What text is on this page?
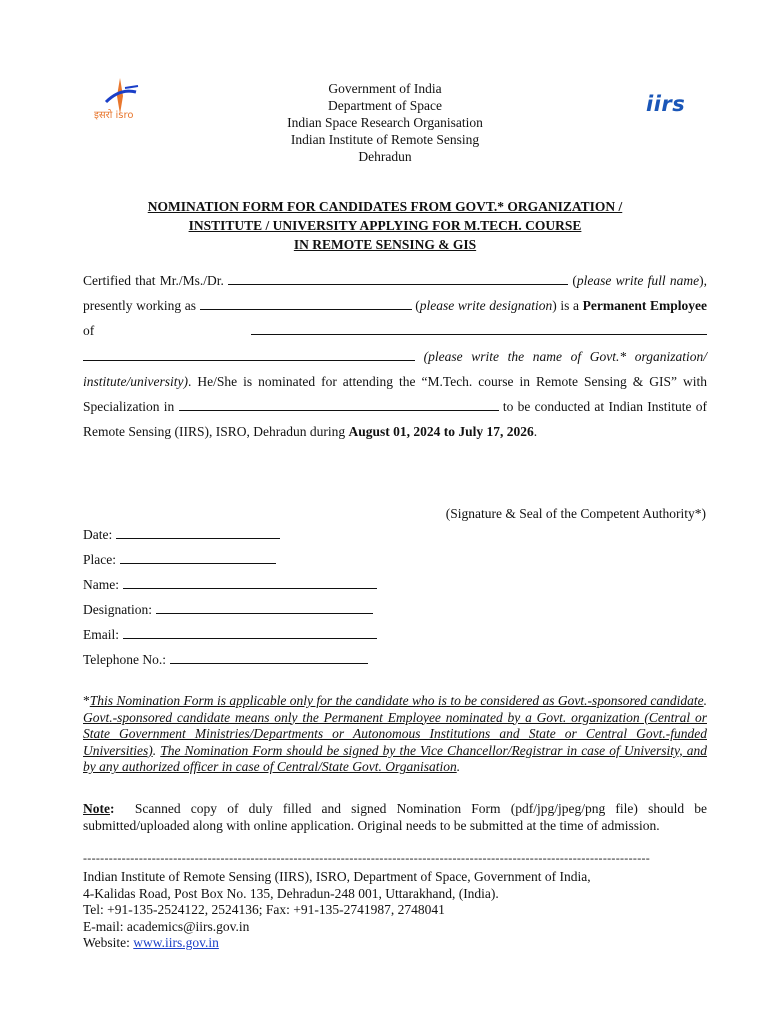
इसरो isro	iirs
Government of India
Department of Space
Indian Space Research Organisation
Indian Institute of Remote Sensing
Dehradun
NOMINATION FORM FOR CANDIDATES FROM GOVT.* ORGANIZATION /
INSTITUTE / UNIVERSITY APPLYING FOR M.TECH. COURSE
IN REMOTE SENSING & GIS
Certified that Mr./Ms./Dr.	(please write full name), presently working as	(please write designation) is a Permanent Employee of   (please write the name of Govt.* organization/ institute/university). He/She is nominated for attending the “M.Tech. course in Remote Sensing & GIS” with Specialization in	to be conducted at Indian Institute of Remote Sensing (IIRS), ISRO, Dehradun during August 01, 2024 to July 17, 2026.
(Signature & Seal of the Competent Authority*)
Date:
Place:
Name:
Designation:
Email:
Telephone No.:
*This Nomination Form is applicable only for the candidate who is to be considered as Govt.-sponsored candidate. Govt.-sponsored candidate means only the Permanent Employee nominated by a Govt. organization (Central or State Government Ministries/Departments or Autonomous Institutions and State or Central Govt.-funded Universities). The Nomination Form should be signed by the Vice Chancellor/Registrar in case of University, and by any authorized officer in case of Central/State Govt. Organisation.
Note: Scanned copy of duly filled and signed Nomination Form (pdf/jpg/jpeg/png file) should be submitted/uploaded along with online application. Original needs to be submitted at the time of admission.
------------------------------------------------------------------------------------------------------------------------------------
Indian Institute of Remote Sensing (IIRS), ISRO, Department of Space, Government of India,
4-Kalidas Road, Post Box No. 135, Dehradun-248 001, Uttarakhand, (India).
Tel: +91-135-2524122, 2524136; Fax: +91-135-2741987, 2748041
E-mail: academics@iirs.gov.in
Website: www.iirs.gov.in
